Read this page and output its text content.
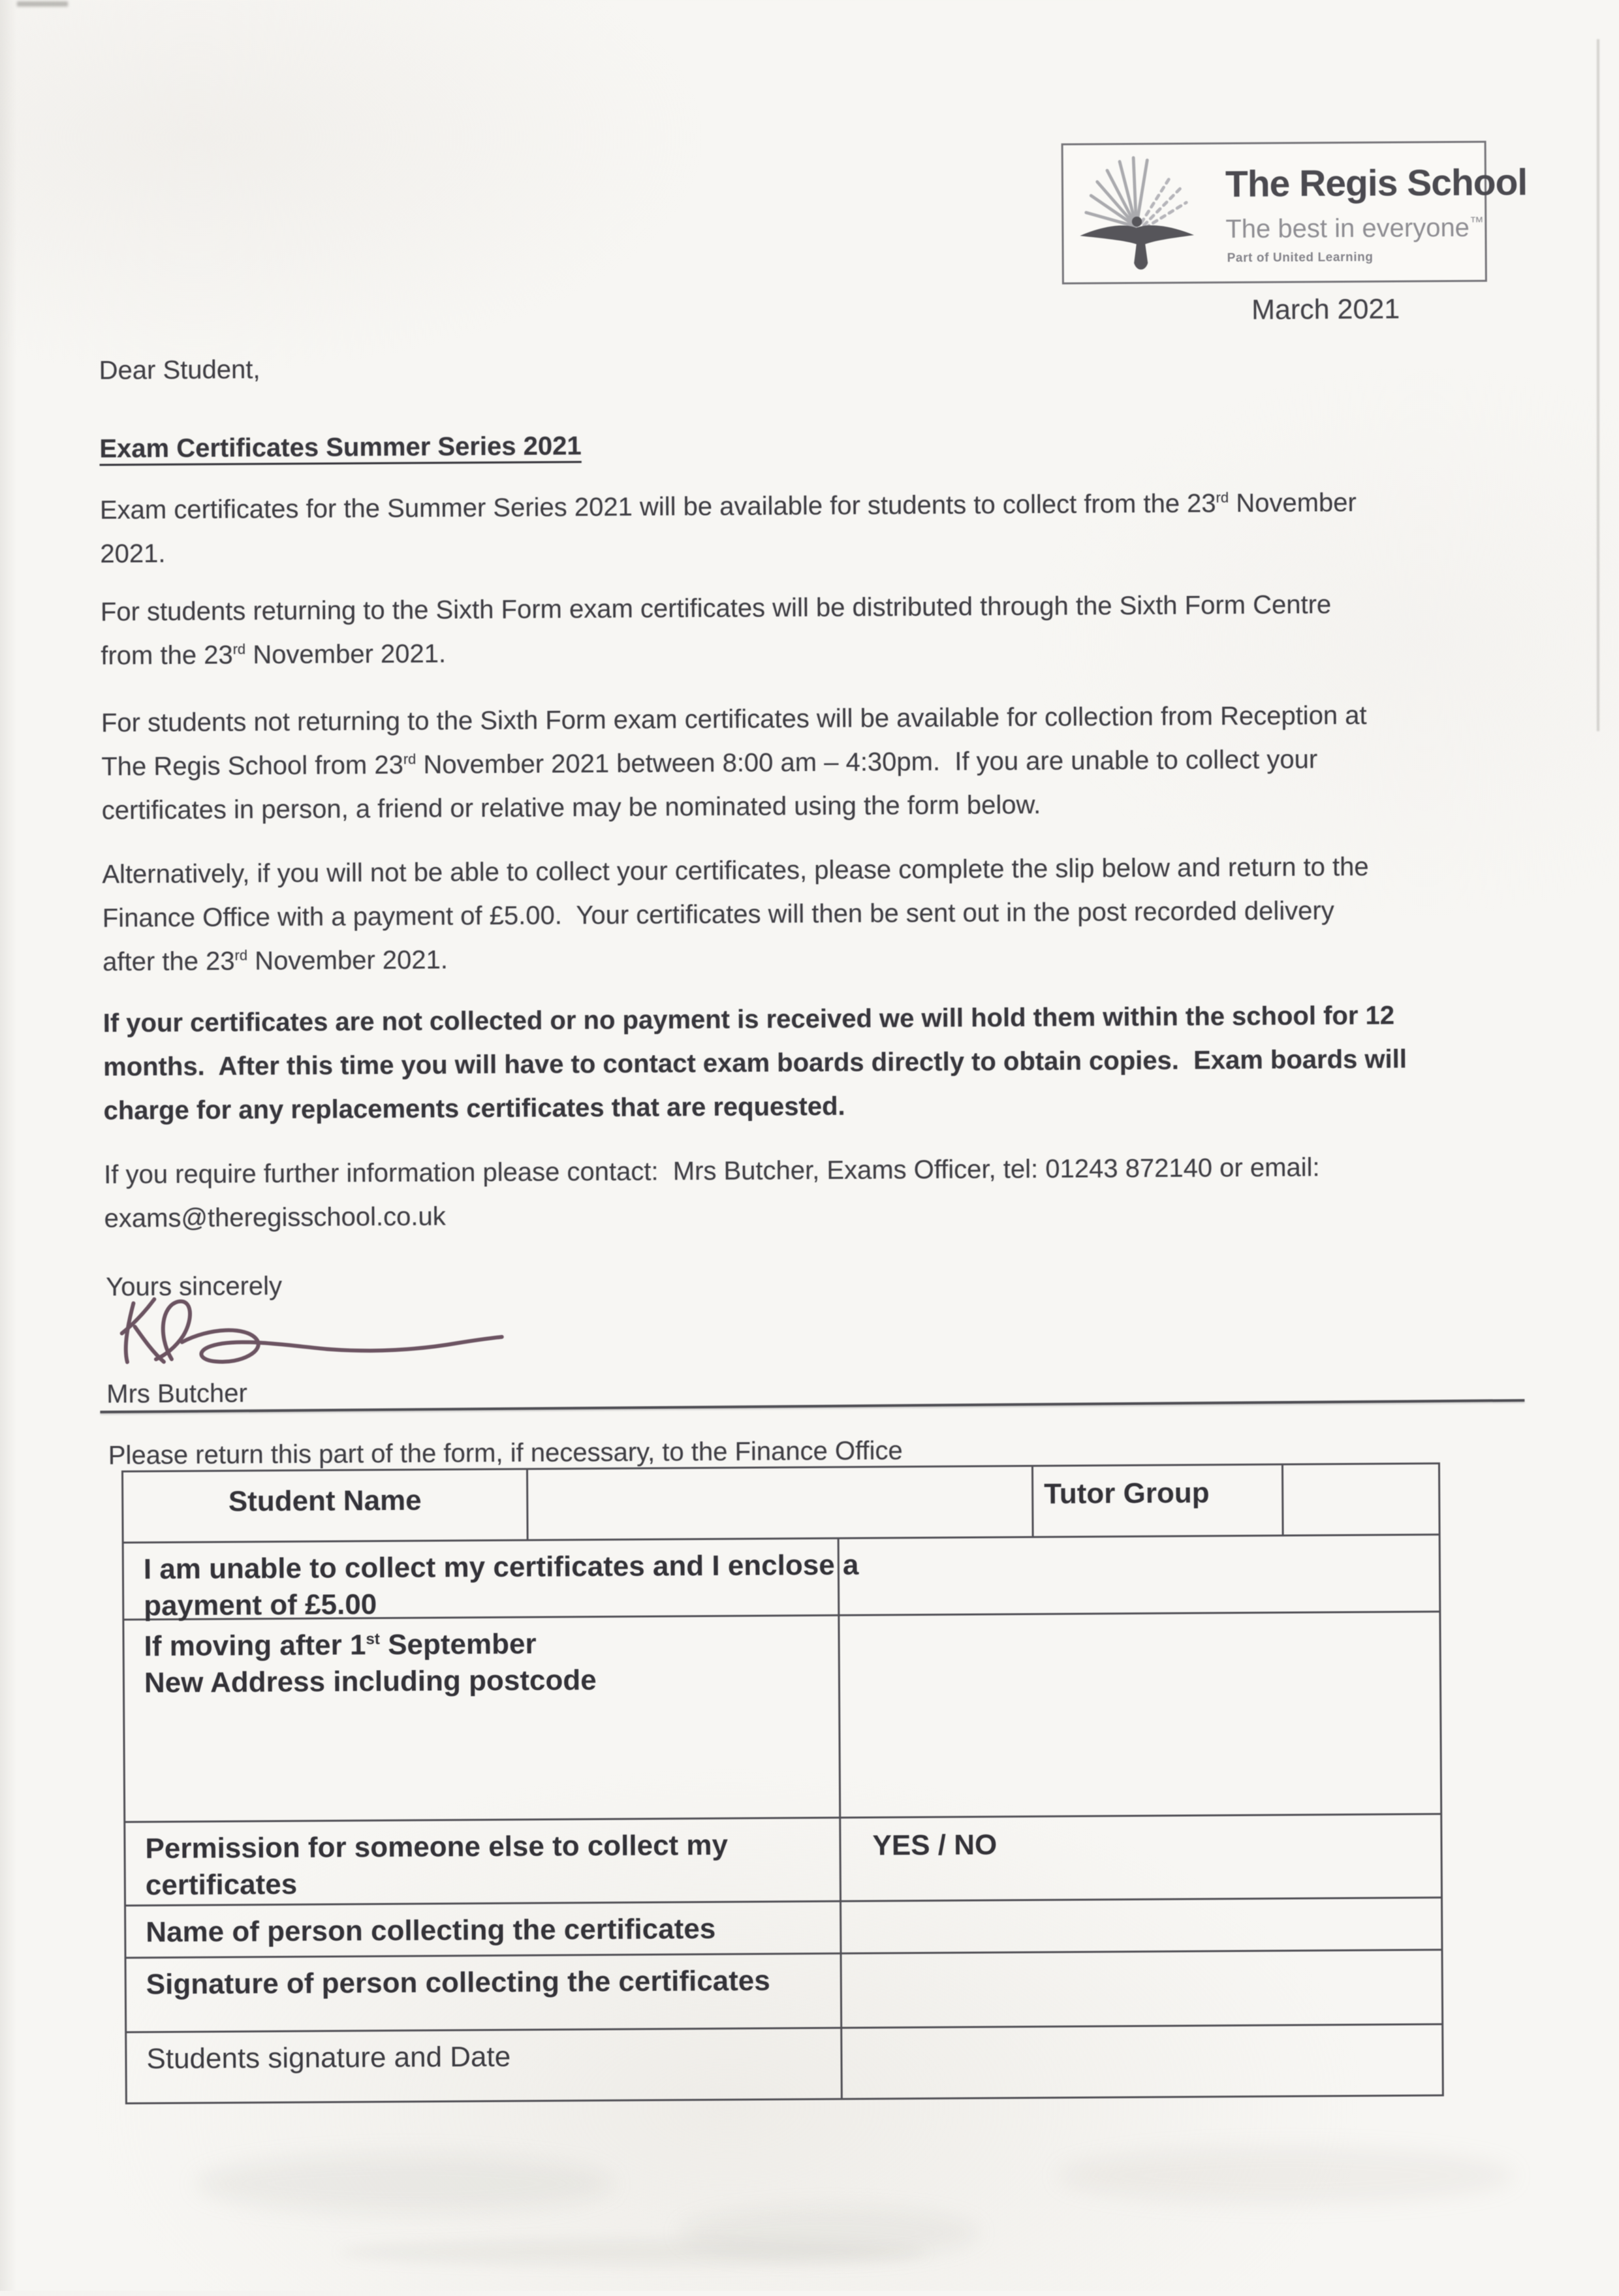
The Regis School
The best in everyone™
Part of United Learning
March 2021
Dear Student,
Exam Certificates Summer Series 2021
Exam certificates for the Summer Series 2021 will be available for students to collect from the 23rd November
2021.
For students returning to the Sixth Form exam certificates will be distributed through the Sixth Form Centre
from the 23rd November 2021.
For students not returning to the Sixth Form exam certificates will be available for collection from Reception at
The Regis School from 23rd November 2021 between 8:00 am – 4:30pm.  If you are unable to collect your
certificates in person, a friend or relative may be nominated using the form below.
Alternatively, if you will not be able to collect your certificates, please complete the slip below and return to the
Finance Office with a payment of £5.00.  Your certificates will then be sent out in the post recorded delivery
after the 23rd November 2021.
If your certificates are not collected or no payment is received we will hold them within the school for 12
months.  After this time you will have to contact exam boards directly to obtain copies.  Exam boards will
charge for any replacements certificates that are requested.
If you require further information please contact:  Mrs Butcher, Exams Officer, tel: 01243 872140 or email:
exams@theregisschool.co.uk
Yours sincerely
Mrs Butcher
Please return this part of the form, if necessary, to the Finance Office
Student Name	Tutor Group
I am unable to collect my certificates and I enclose a
payment of £5.00
If moving after 1st September
New Address including postcode
Permission for someone else to collect my
certificates
YES / NO
Name of person collecting the certificates
Signature of person collecting the certificates
Students signature and Date
